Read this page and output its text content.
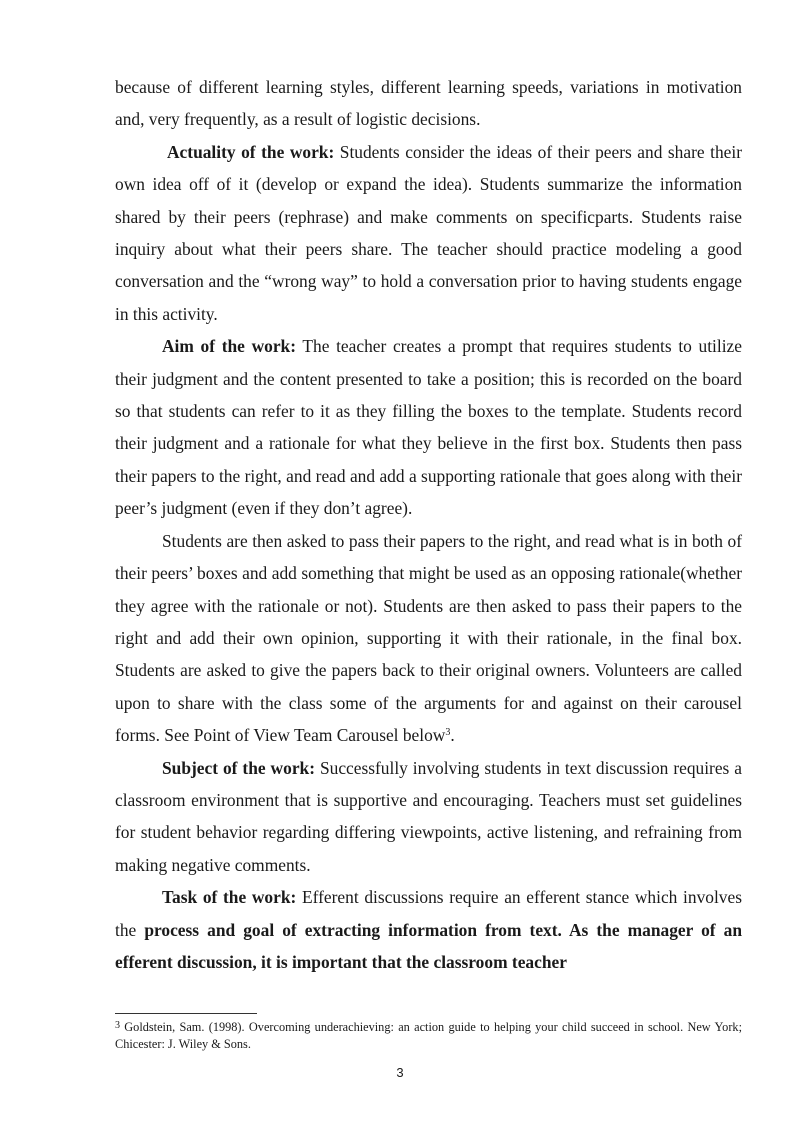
because of different learning styles, different learning speeds, variations in motivation and, very frequently, as a result of logistic decisions.

Actuality of the work: Students consider the ideas of their peers and share their own idea off of it (develop or expand the idea). Students summarize the information shared by their peers (rephrase) and make comments on specificparts. Students raise inquiry about what their peers share. The teacher should practice modeling a good conversation and the “wrong way” to hold a conversation prior to having students engage in this activity.

Aim of the work: The teacher creates a prompt that requires students to utilize their judgment and the content presented to take a position; this is recorded on the board so that students can refer to it as they filling the boxes to the template. Students record their judgment and a rationale for what they believe in the first box. Students then pass their papers to the right, and read and add a supporting rationale that goes along with their peer’s judgment (even if they don’t agree).

Students are then asked to pass their papers to the right, and read what is in both of their peers’ boxes and add something that might be used as an opposing rationale(whether they agree with the rationale or not). Students are then asked to pass their papers to the right and add their own opinion, supporting it with their rationale, in the final box. Students are asked to give the papers back to their original owners. Volunteers are called upon to share with the class some of the arguments for and against on their carousel forms. See Point of View Team Carousel below$^3$.

Subject of the work: Successfully involving students in text discussion requires a classroom environment that is supportive and encouraging. Teachers must set guidelines for student behavior regarding differing viewpoints, active listening, and refraining from making negative comments.

Task of the work: Efferent discussions require an efferent stance which involves the process and goal of extracting information from text. As the manager of an efferent discussion, it is important that the classroom teacher

$^3$ Goldstein, Sam. (1998). Overcoming underachieving: an action guide to helping your child succeed in school. New York; Chicester: J. Wiley & Sons.
3
